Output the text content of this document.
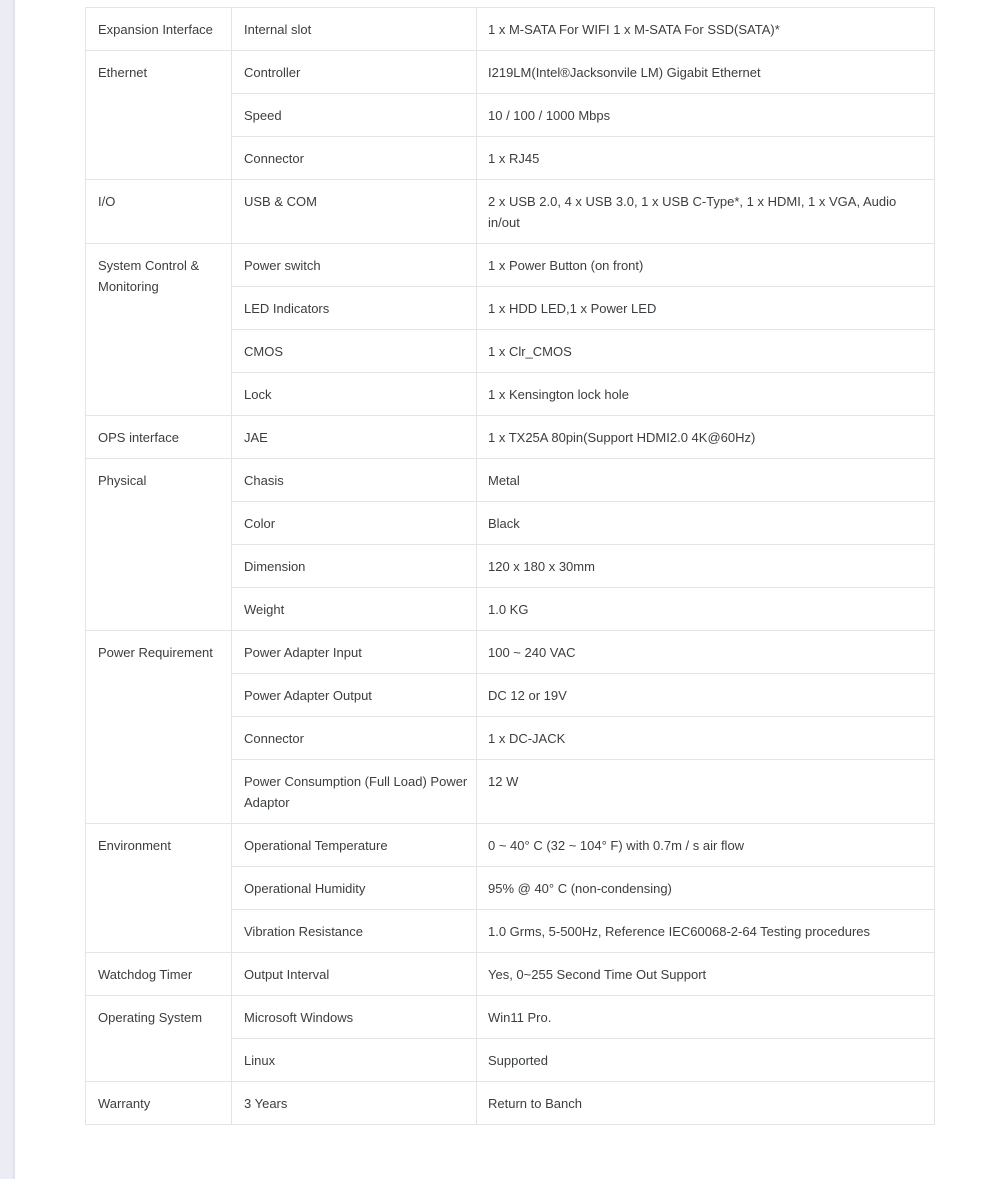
Expansion Interface	Internal slot	1 x M-SATA For WIFI 1 x M-SATA For SSD(SATA)*
Ethernet	Controller	I219LM(Intel®Jacksonvile LM) Gigabit Ethernet
	Speed	10 / 100 / 1000 Mbps
	Connector	1 x RJ45
I/O	USB & COM	2 x USB 2.0, 4 x USB 3.0, 1 x USB C-Type*, 1 x HDMI, 1 x VGA, Audio in/out
System Control & Monitoring	Power switch	1 x Power Button (on front)
	LED Indicators	1 x HDD LED,1 x Power LED
	CMOS	1 x Clr_CMOS
	Lock	1 x Kensington lock hole
OPS interface	JAE	1 x TX25A 80pin(Support HDMI2.0 4K@60Hz)
Physical	Chasis	Metal
	Color	Black
	Dimension	120 x 180 x 30mm
	Weight	1.0 KG
Power Requirement	Power Adapter Input	100 ~ 240 VAC
	Power Adapter Output	DC 12 or 19V
	Connector	1 x DC-JACK
	Power Consumption (Full Load) Power Adaptor	12 W
Environment	Operational Temperature	0 ~ 40° C (32 ~ 104° F) with 0.7m / s air flow
	Operational Humidity	95% @ 40° C (non-condensing)
	Vibration Resistance	1.0 Grms, 5-500Hz, Reference IEC60068-2-64 Testing procedures
Watchdog Timer	Output Interval	Yes, 0~255 Second Time Out Support
Operating System	Microsoft Windows	Win11 Pro.
	Linux	Supported
Warranty	3 Years	Return to Banch
